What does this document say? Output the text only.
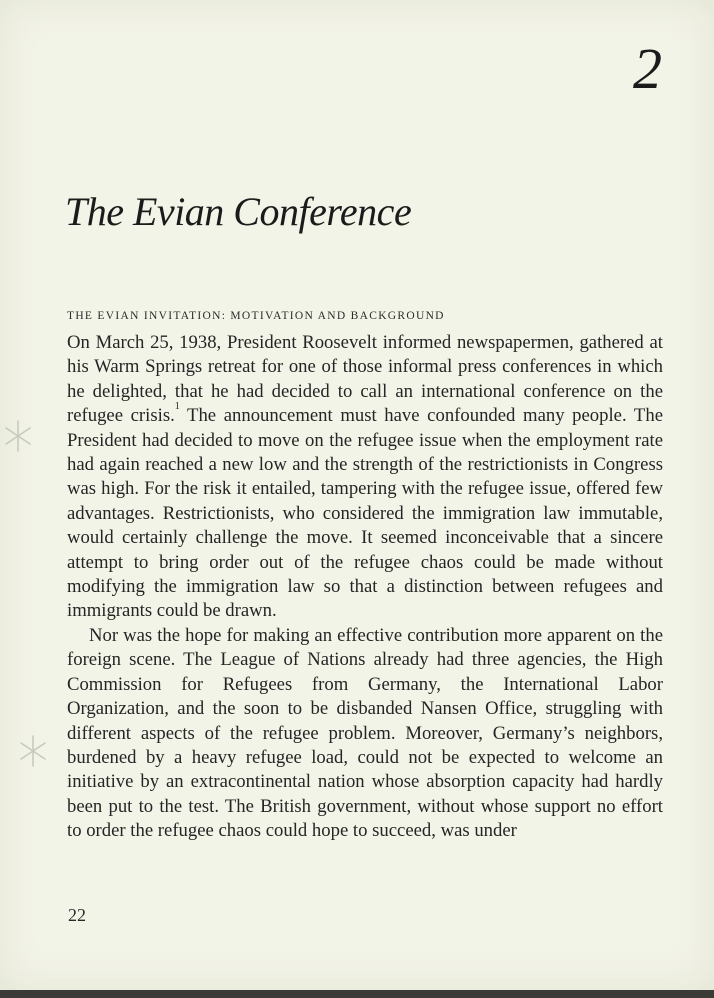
2
The Evian Conference
THE EVIAN INVITATION: MOTIVATION AND BACKGROUND

On March 25, 1938, President Roosevelt informed newspapermen, gathered at his Warm Springs retreat for one of those informal press conferences in which he delighted, that he had decided to call an international conference on the refugee crisis.$^1$ The announcement must have confounded many people. The President had decided to move on the refugee issue when the employment rate had again reached a new low and the strength of the restrictionists in Congress was high. For the risk it entailed, tampering with the refugee issue, offered few advantages. Restrictionists, who considered the immigration law immutable, would certainly challenge the move. It seemed inconceivable that a sincere attempt to bring order out of the refugee chaos could be made without modifying the immigration law so that a distinction between refugees and immigrants could be drawn.

Nor was the hope for making an effective contribution more apparent on the foreign scene. The League of Nations already had three agencies, the High Commission for Refugees from Germany, the International Labor Organization, and the soon to be disbanded Nansen Office, struggling with different aspects of the refugee problem. Moreover, Germany’s neighbors, burdened by a heavy refugee load, could not be expected to welcome an initiative by an extracontinental nation whose absorption capacity had hardly been put to the test. The British government, without whose support no effort to order the refugee chaos could hope to succeed, was under

22
